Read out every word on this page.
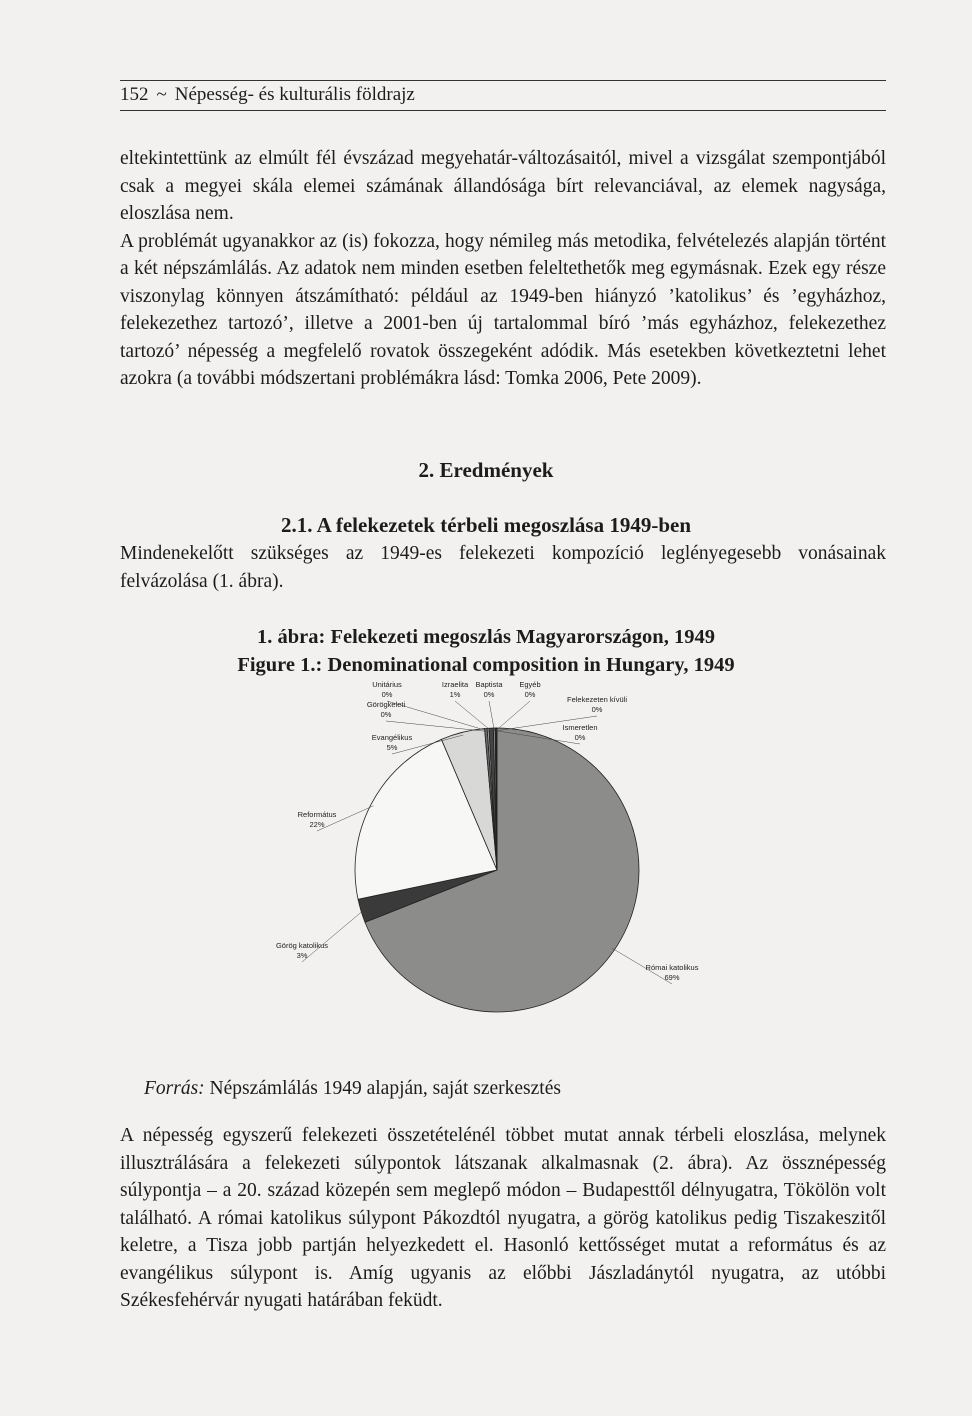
152 ~ Népesség- és kulturális földrajz

eltekintettünk az elmúlt fél évszázad megyehatár-változásaitól, mivel a vizsgálat szempontjából csak a megyei skála elemei számának állandósága bírt relevanciával, az elemek nagysága, eloszlása nem.

A problémát ugyanakkor az (is) fokozza, hogy némileg más metodika, felvételezés alapján történt a két népszámlálás. Az adatok nem minden esetben feleltethetők meg egymásnak. Ezek egy része viszonylag könnyen átszámítható: például az 1949-ben hiányzó ’katolikus’ és ’egyházhoz, felekezethez tartozó’, illetve a 2001-ben új tartalommal bíró ’más egyházhoz, felekezethez tartozó’ népesség a megfelelő rovatok összegeként adódik. Más esetekben következtetni lehet azokra (a további módszertani problémákra lásd: Tomka 2006, Pete 2009).

2. Eredmények
2.1. A felekezetek térbeli megoszlása 1949-ben

Mindenekelőtt szükséges az 1949-es felekezeti kompozíció leglényegesebb vonásainak felvázolása (1. ábra).

1. ábra: Felekezeti megoszlás Magyarországon, 1949
Figure 1.: Denominational composition in Hungary, 1949
Római katolikus
69%
Görög katolikus
3%
Református
22%
Evangélikus
5%
Görögkeleti
0%
Unitárius
0%
Izraelita
1%
Baptista
0%
Egyéb
0%
Felekezeten kívüli
0%
Ismeretlen
0%
Forrás: Népszámlálás 1949 alapján, saját szerkesztés

A népesség egyszerű felekezeti összetételénél többet mutat annak térbeli eloszlása, melynek illusztrálására a felekezeti súlypontok látszanak alkalmasnak (2. ábra). Az össznépesség súlypontja – a 20. század közepén sem meglepő módon – Budapesttől délnyugatra, Tökölön volt található. A római katolikus súlypont Pákozdtól nyugatra, a görög katolikus pedig Tiszakeszitől keletre, a Tisza jobb partján helyezkedett el. Hasonló kettősséget mutat a református és az evangélikus súlypont is. Amíg ugyanis az előbbi Jászladánytól nyugatra, az utóbbi Székesfehérvár nyugati határában feküdt.
